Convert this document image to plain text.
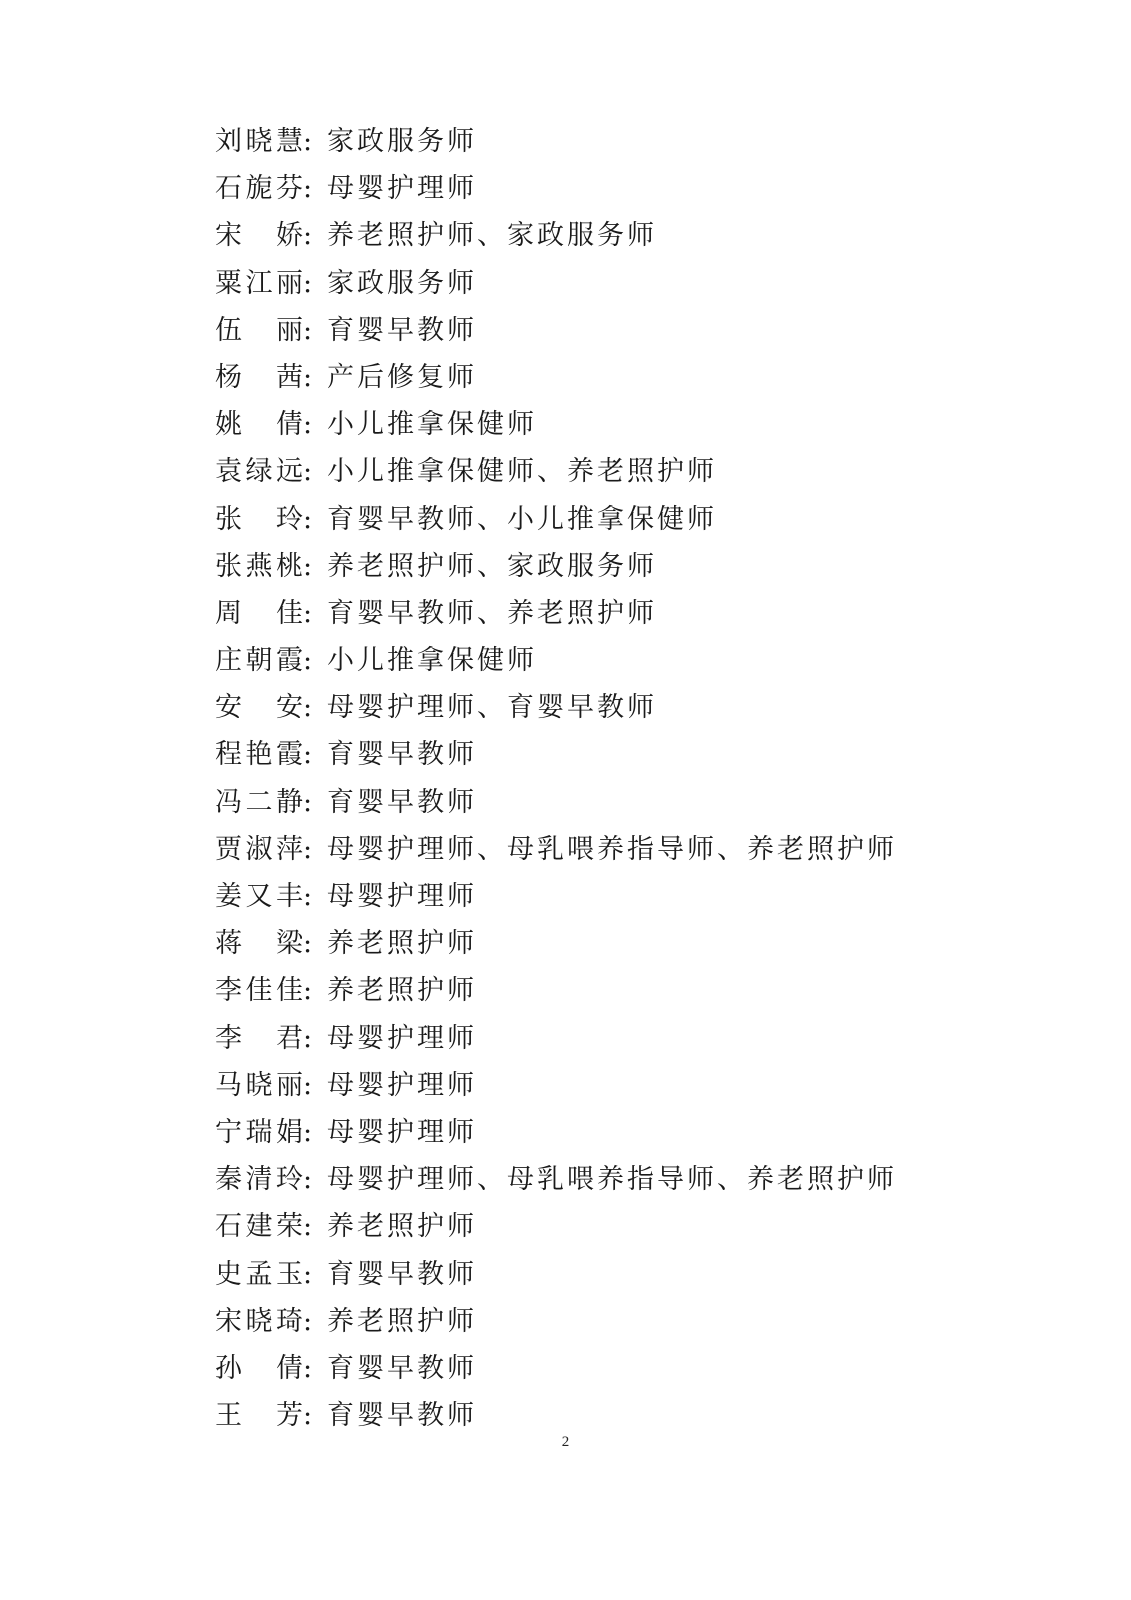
刘晓慧 : 家政服务师
石旎芬 : 母婴护理师
宋娇 : 养老照护师、家政服务师
粟江丽 : 家政服务师
伍丽 : 育婴早教师
杨茜 : 产后修复师
姚倩 : 小儿推拿保健师
袁绿远 : 小儿推拿保健师、养老照护师
张玲 : 育婴早教师、小儿推拿保健师
张燕桃 : 养老照护师、家政服务师
周佳 : 育婴早教师、养老照护师
庄朝霞 : 小儿推拿保健师
安安 : 母婴护理师、育婴早教师
程艳霞 : 育婴早教师
冯二静 : 育婴早教师
贾淑萍 : 母婴护理师、母乳喂养指导师、养老照护师
姜又丰 : 母婴护理师
蒋梁 : 养老照护师
李佳佳 : 养老照护师
李君 : 母婴护理师
马晓丽 : 母婴护理师
宁瑞娟 : 母婴护理师
秦清玲 : 母婴护理师、母乳喂养指导师、养老照护师
石建荣 : 养老照护师
史孟玉 : 育婴早教师
宋晓琦 : 养老照护师
孙倩 : 育婴早教师
王芳 : 育婴早教师
2
